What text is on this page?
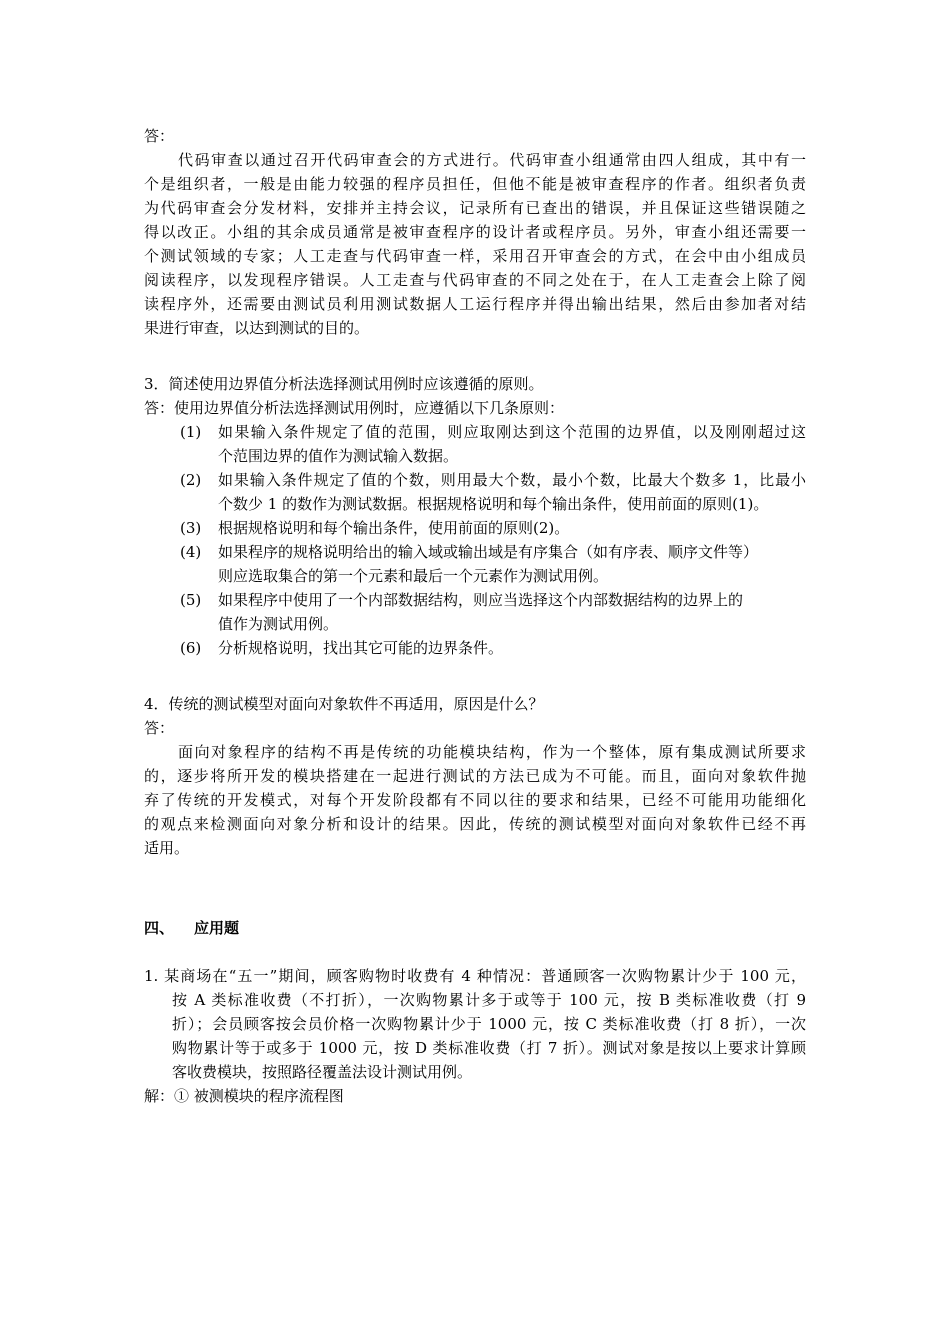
答：
代码审查以通过召开代码审查会的方式进行。代码审查小组通常由四人组成，其中有一
个是组织者，一般是由能力较强的程序员担任，但他不能是被审查程序的作者。组织者负责
为代码审查会分发材料，安排并主持会议，记录所有已查出的错误，并且保证这些错误随之
得以改正。小组的其余成员通常是被审查程序的设计者或程序员。另外，审查小组还需要一
个测试领域的专家；人工走查与代码审查一样，采用召开审查会的方式，在会中由小组成员
阅读程序，以发现程序错误。人工走查与代码审查的不同之处在于，在人工走查会上除了阅
读程序外，还需要由测试员利用测试数据人工运行程序并得出输出结果，然后由参加者对结
果进行审查，以达到测试的目的。
3．简述使用边界值分析法选择测试用例时应该遵循的原则。
答：使用边界值分析法选择测试用例时，应遵循以下几条原则：
(1)	如果输入条件规定了值的范围，则应取刚达到这个范围的边界值，以及刚刚超过这
个范围边界的值作为测试输入数据。
(2)	如果输入条件规定了值的个数，则用最大个数，最小个数，比最大个数多 1，比最小
个数少 1 的数作为测试数据。根据规格说明和每个输出条件，使用前面的原则(1)。
(3)	根据规格说明和每个输出条件，使用前面的原则(2)。
(4)	如果程序的规格说明给出的输入域或输出域是有序集合（如有序表、顺序文件等）
则应选取集合的第一个元素和最后一个元素作为测试用例。
(5)	如果程序中使用了一个内部数据结构，则应当选择这个内部数据结构的边界上的
值作为测试用例。
(6)	分析规格说明，找出其它可能的边界条件。
4．传统的测试模型对面向对象软件不再适用，原因是什么？
答：
面向对象程序的结构不再是传统的功能模块结构，作为一个整体，原有集成测试所要求
的，逐步将所开发的模块搭建在一起进行测试的方法已成为不可能。而且，面向对象软件抛
弃了传统的开发模式，对每个开发阶段都有不同以往的要求和结果，已经不可能用功能细化
的观点来检测面向对象分析和设计的结果。因此，传统的测试模型对面向对象软件已经不再
适用。
四、 应用题
1. 某商场在“五一”期间，顾客购物时收费有 4 种情况：普通顾客一次购物累计少于 100 元，
按 A 类标准收费（不打折），一次购物累计多于或等于 100 元，按 B 类标准收费（打 9
折）；会员顾客按会员价格一次购物累计少于 1000 元，按 C 类标准收费（打 8 折），一次
购物累计等于或多于 1000 元，按 D 类标准收费（打 7 折）。测试对象是按以上要求计算顾
客收费模块，按照路径覆盖法设计测试用例。
解：① 被测模块的程序流程图
